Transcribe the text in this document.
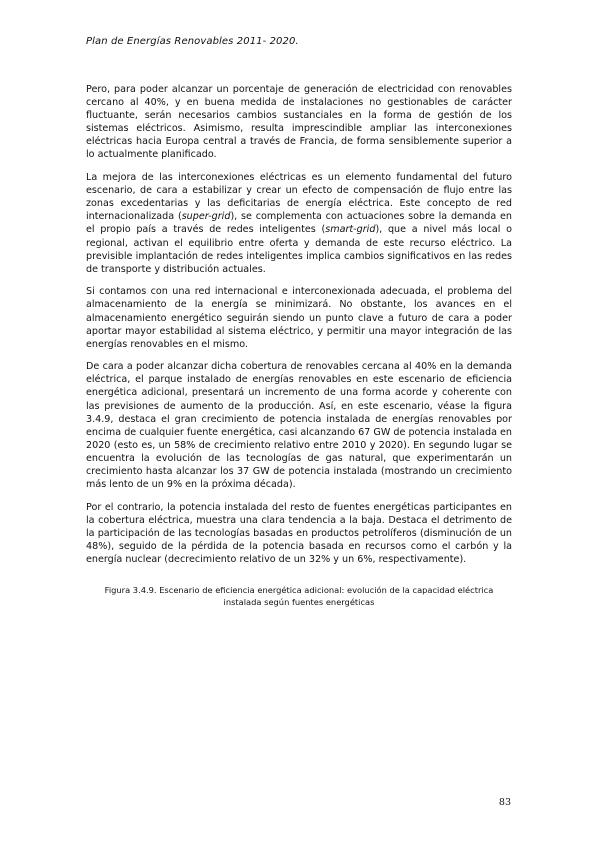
Plan de Energías Renovables 2011- 2020.

Pero, para poder alcanzar un porcentaje de generación de electricidad con renovables cercano al 40%, y en buena medida de instalaciones no gestionables de carácter fluctuante, serán necesarios cambios sustanciales en la forma de gestión de los sistemas eléctricos. Asimismo, resulta imprescindible ampliar las interconexiones eléctricas hacia Europa central a través de Francia, de forma sensiblemente superior a lo actualmente planificado.

La mejora de las interconexiones eléctricas es un elemento fundamental del futuro escenario, de cara a estabilizar y crear un efecto de compensación de flujo entre las zonas excedentarias y las deficitarias de energía eléctrica. Este concepto de red internacionalizada (super-grid), se complementa con actuaciones sobre la demanda en el propio país a través de redes inteligentes (smart-grid), que a nivel más local o regional, activan el equilibrio entre oferta y demanda de este recurso eléctrico. La previsible implantación de redes inteligentes implica cambios significativos en las redes de transporte y distribución actuales.

Si contamos con una red internacional e interconexionada adecuada, el problema del almacenamiento de la energía se minimizará. No obstante, los avances en el almacenamiento energético seguirán siendo un punto clave a futuro de cara a poder aportar mayor estabilidad al sistema eléctrico, y permitir una mayor integración de las energías renovables en el mismo.

De cara a poder alcanzar dicha cobertura de renovables cercana al 40% en la demanda eléctrica, el parque instalado de energías renovables en este escenario de eficiencia energética adicional, presentará un incremento de una forma acorde y coherente con las previsiones de aumento de la producción. Así, en este escenario, véase la figura 3.4.9, destaca el gran crecimiento de potencia instalada de energías renovables por encima de cualquier fuente energética, casi alcanzando 67 GW de potencia instalada en 2020 (esto es, un 58% de crecimiento relativo entre 2010 y 2020). En segundo lugar se encuentra la evolución de las tecnologías de gas natural, que experimentarán un crecimiento hasta alcanzar los 37 GW de potencia instalada (mostrando un crecimiento más lento de un 9% en la próxima década).

Por el contrario, la potencia instalada del resto de fuentes energéticas participantes en la cobertura eléctrica, muestra una clara tendencia a la baja. Destaca el detrimento de la participación de las tecnologías basadas en productos petrolíferos (disminución de un 48%), seguido de la pérdida de la potencia basada en recursos como el carbón y la energía nuclear (decrecimiento relativo de un 32% y un 6%, respectivamente).

Figura 3.4.9. Escenario de eficiencia energética adicional: evolución de la capacidad eléctrica
instalada según fuentes energéticas
83
